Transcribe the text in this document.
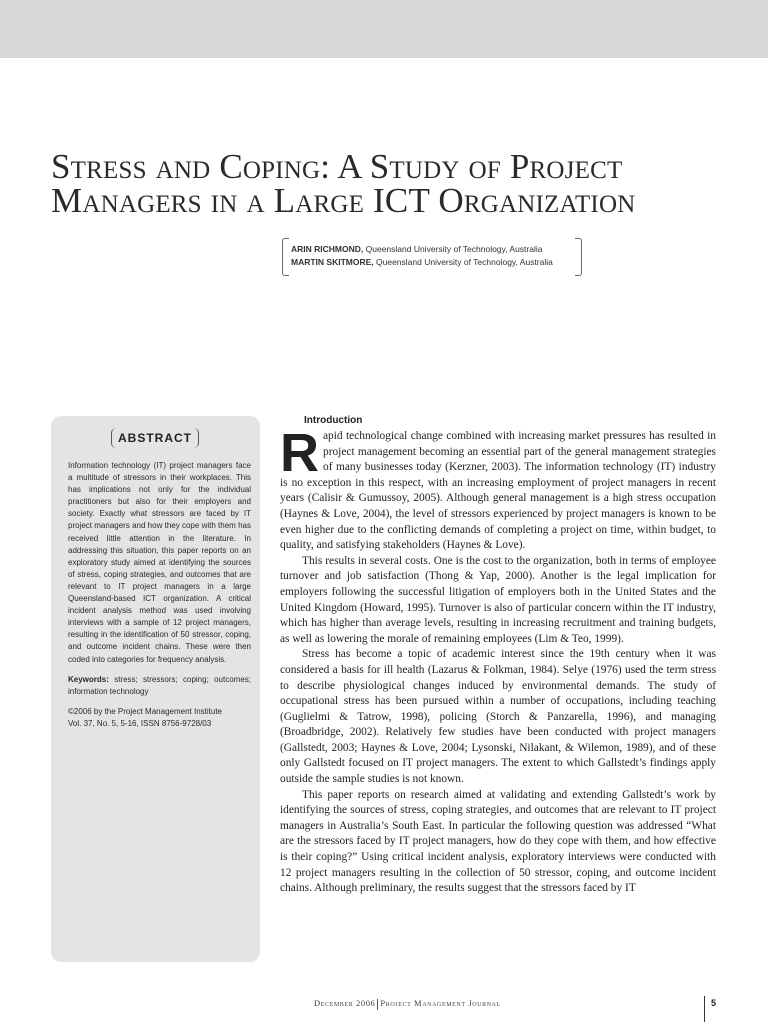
Stress and Coping: A Study of Project
Managers in a Large ICT Organization
ARIN RICHMOND, Queensland University of Technology, Australia
MARTIN SKITMORE, Queensland University of Technology, Australia
ABSTRACT

Information technology (IT) project managers face a multitude of stressors in their workplaces. This has implications not only for the individual practitioners but also for their employers and society. Exactly what stressors are faced by IT project managers and how they cope with them has received little attention in the literature. In addressing this situation, this paper reports on an exploratory study aimed at identifying the sources of stress, coping strategies, and outcomes that are relevant to IT project managers in a large Queensland-based ICT organization. A critical incident analysis method was used involving interviews with a sample of 12 project managers, resulting in the identification of 50 stressor, coping, and outcome incident chains. These were then coded into categories for frequency analysis.

Keywords: stress; stressors; coping; outcomes; information technology

©2006 by the Project Management Institute
Vol. 37, No. 5, 5-16, ISSN 8756-9728/03

Introduction

Rapid technological change combined with increasing market pressures has resulted in project management becoming an essential part of the general management strategies of many businesses today (Kerzner, 2003). The information technology (IT) industry is no exception in this respect, with an increasing employment of project managers in recent years (Calisir & Gumussoy, 2005). Although general management is a high stress occupation (Haynes & Love, 2004), the level of stressors experienced by project managers is known to be even higher due to the conflicting demands of completing a project on time, within budget, to quality, and satisfying stakeholders (Haynes & Love).

This results in several costs. One is the cost to the organization, both in terms of employee turnover and job satisfaction (Thong & Yap, 2000). Another is the legal implication for employers following the successful litigation of employers both in the United States and the United Kingdom (Howard, 1995). Turnover is also of particular concern within the IT industry, which has higher than average levels, resulting in increasing recruitment and training budgets, as well as lowering the morale of remaining employees (Lim & Teo, 1999).

Stress has become a topic of academic interest since the 19th century when it was considered a basis for ill health (Lazarus & Folkman, 1984). Selye (1976) used the term stress to describe physiological changes induced by environmental demands. The study of occupational stress has been pursued within a number of occupations, including teaching (Guglielmi & Tatrow, 1998), policing (Storch & Panzarella, 1996), and managing (Broadbridge, 2002). Relatively few studies have been conducted with project managers (Gallstedt, 2003; Haynes & Love, 2004; Lysonski, Nilakant, & Wilemon, 1989), and of these only Gallstedt focused on IT project managers. The extent to which Gallstedt’s findings apply outside the sample studies is not known.

This paper reports on research aimed at validating and extending Gallstedt’s work by identifying the sources of stress, coping strategies, and outcomes that are relevant to IT project managers in Australia’s South East. In particular the following question was addressed “What are the stressors faced by IT project managers, how do they cope with them, and how effective is their coping?” Using critical incident analysis, exploratory interviews were conducted with 12 project managers resulting in the collection of 50 stressor, coping, and outcome incident chains. Although preliminary, the results suggest that the stressors faced by IT

December 2006 Project Management Journal	5
